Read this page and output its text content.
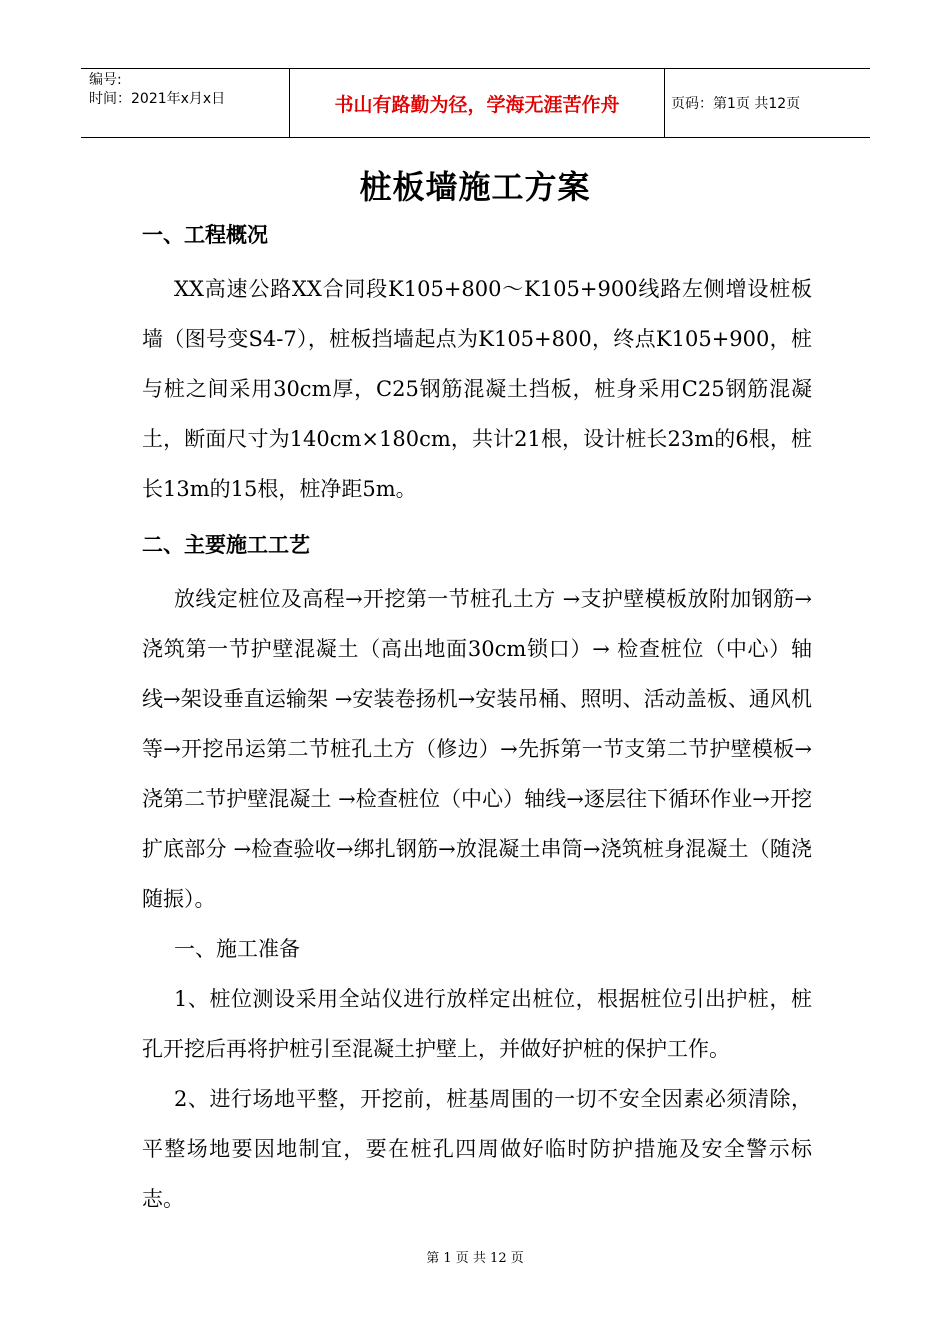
编号:
时间：2021年x月x日	书山有路勤为径，学海无涯苦作舟	页码：第1页 共12页
桩板墙施工方案
一、工程概况

XX高速公路XX合同段K105+800～K105+900线路左侧增设桩板墙（图号变S4-7），桩板挡墙起点为K105+800，终点K105+900，桩与桩之间采用30cm厚，C25钢筋混凝土挡板，桩身采用C25钢筋混凝土，断面尺寸为140cm×180cm，共计21根，设计桩长23m的6根，桩长13m的15根，桩净距5m。

二、主要施工工艺

放线定桩位及高程→开挖第一节桩孔土方 →支护壁模板放附加钢筋→浇筑第一节护壁混凝土（高出地面30cm锁口）→ 检查桩位（中心）轴线→架设垂直运输架 →安装卷扬机→安装吊桶、照明、活动盖板、通风机等→开挖吊运第二节桩孔土方（修边）→先拆第一节支第二节护壁模板→浇第二节护壁混凝土 →检查桩位（中心）轴线→逐层往下循环作业→开挖扩底部分 →检查验收→绑扎钢筋→放混凝土串筒→浇筑桩身混凝土（随浇随振）。

一、施工准备

1、桩位测设采用全站仪进行放样定出桩位，根据桩位引出护桩，桩孔开挖后再将护桩引至混凝土护壁上，并做好护桩的保护工作。

2、进行场地平整，开挖前，桩基周围的一切不安全因素必须清除，平整场地要因地制宜，要在桩孔四周做好临时防护措施及安全警示标志。

第 1 页 共 12 页
